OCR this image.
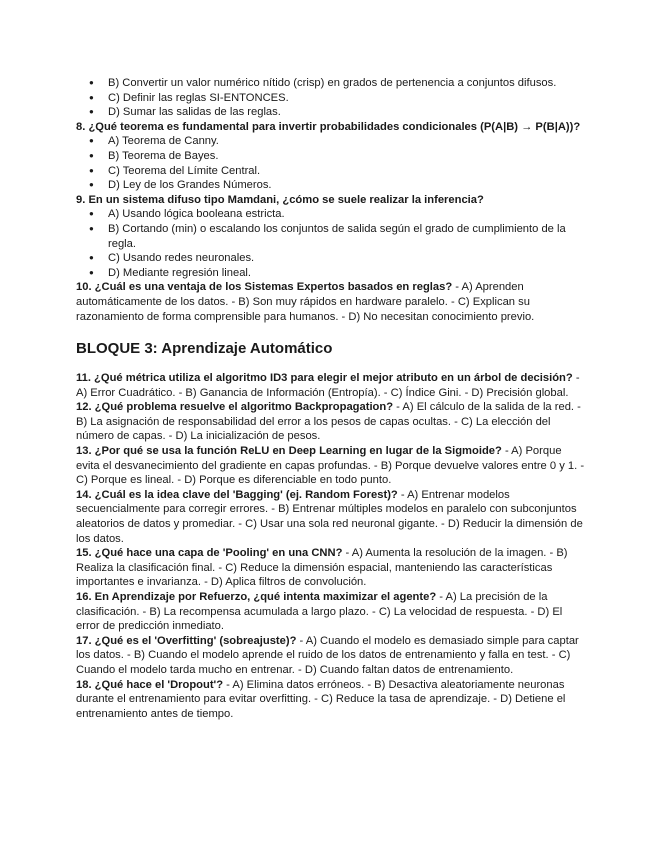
● B) Convertir un valor numérico nítido (crisp) en grados de pertenencia a conjuntos difusos.
● C) Definir las reglas SI-ENTONCES.
● D) Sumar las salidas de las reglas.

8. ¿Qué teorema es fundamental para invertir probabilidades condicionales (P(A|B) → P(B|A))?

● A) Teorema de Canny.
● B) Teorema de Bayes.
● C) Teorema del Límite Central.
● D) Ley de los Grandes Números.

9. En un sistema difuso tipo Mamdani, ¿cómo se suele realizar la inferencia?

● A) Usando lógica booleana estricta.
● B) Cortando (min) o escalando los conjuntos de salida según el grado de cumplimiento de la regla.
● C) Usando redes neuronales.
● D) Mediante regresión lineal.

10. ¿Cuál es una ventaja de los Sistemas Expertos basados en reglas? - A) Aprenden automáticamente de los datos. - B) Son muy rápidos en hardware paralelo. - C) Explican su razonamiento de forma comprensible para humanos. - D) No necesitan conocimiento previo.

BLOQUE 3: Aprendizaje Automático

11. ¿Qué métrica utiliza el algoritmo ID3 para elegir el mejor atributo en un árbol de decisión? - A) Error Cuadrático. - B) Ganancia de Información (Entropía). - C) Índice Gini. - D) Precisión global.

12. ¿Qué problema resuelve el algoritmo Backpropagation? - A) El cálculo de la salida de la red. - B) La asignación de responsabilidad del error a los pesos de capas ocultas. - C) La elección del número de capas. - D) La inicialización de pesos.

13. ¿Por qué se usa la función ReLU en Deep Learning en lugar de la Sigmoide? - A) Porque evita el desvanecimiento del gradiente en capas profundas. - B) Porque devuelve valores entre 0 y 1. - C) Porque es lineal. - D) Porque es diferenciable en todo punto.

14. ¿Cuál es la idea clave del 'Bagging' (ej. Random Forest)? - A) Entrenar modelos secuencialmente para corregir errores. - B) Entrenar múltiples modelos en paralelo con subconjuntos aleatorios de datos y promediar. - C) Usar una sola red neuronal gigante. - D) Reducir la dimensión de los datos.

15. ¿Qué hace una capa de 'Pooling' en una CNN? - A) Aumenta la resolución de la imagen. - B) Realiza la clasificación final. - C) Reduce la dimensión espacial, manteniendo las características importantes e invarianza. - D) Aplica filtros de convolución.

16. En Aprendizaje por Refuerzo, ¿qué intenta maximizar el agente? - A) La precisión de la clasificación. - B) La recompensa acumulada a largo plazo. - C) La velocidad de respuesta. - D) El error de predicción inmediato.

17. ¿Qué es el 'Overfitting' (sobreajuste)? - A) Cuando el modelo es demasiado simple para captar los datos. - B) Cuando el modelo aprende el ruido de los datos de entrenamiento y falla en test. - C) Cuando el modelo tarda mucho en entrenar. - D) Cuando faltan datos de entrenamiento.

18. ¿Qué hace el 'Dropout'? - A) Elimina datos erróneos. - B) Desactiva aleatoriamente neuronas durante el entrenamiento para evitar overfitting. - C) Reduce la tasa de aprendizaje. - D) Detiene el entrenamiento antes de tiempo.
